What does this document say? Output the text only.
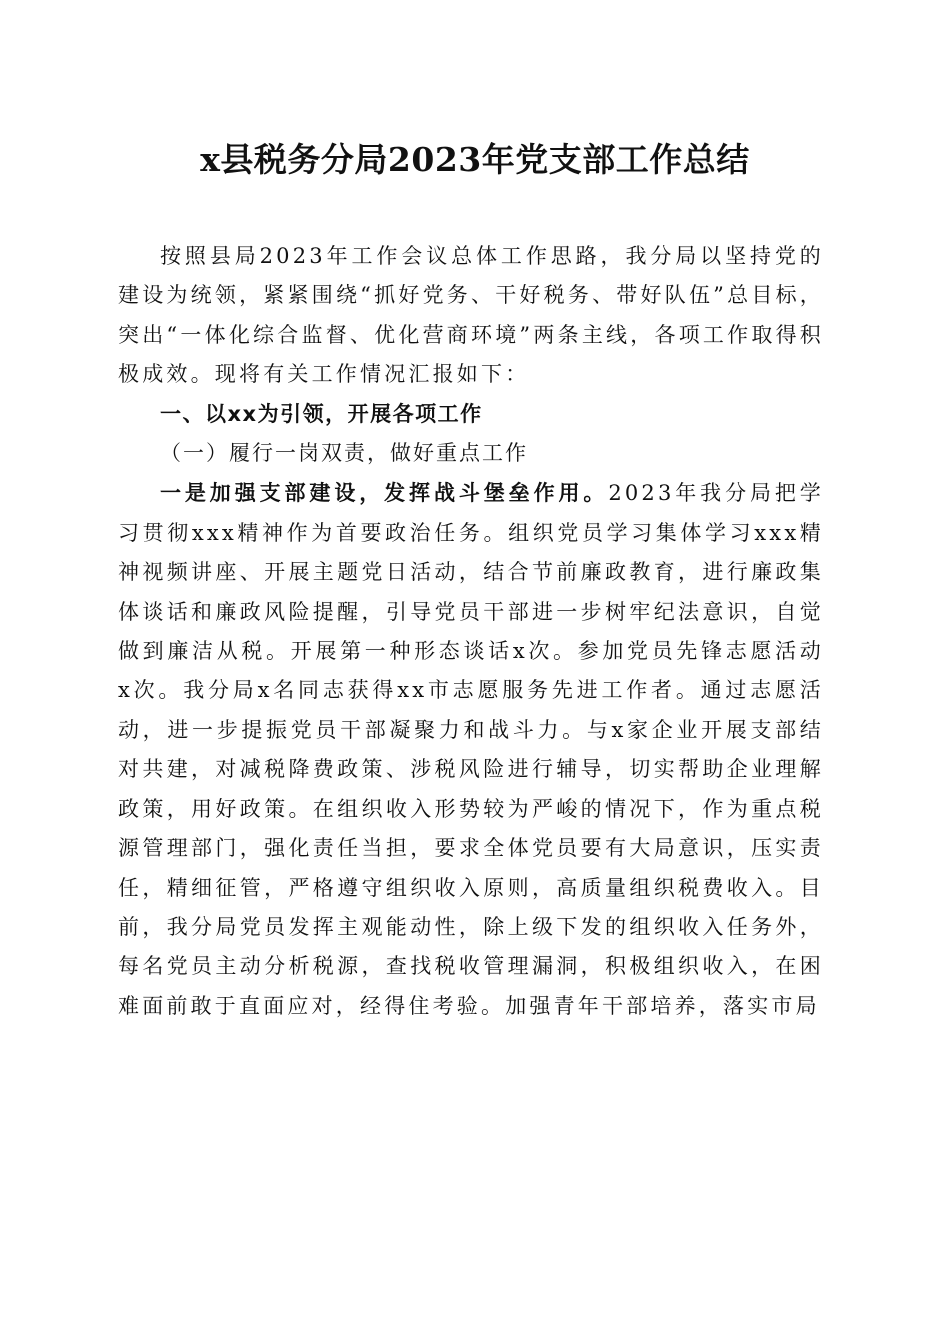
x县税务分局2023年党支部工作总结

按照县局2023年工作会议总体工作思路，我分局以坚持党的建设为统领，紧紧围绕“抓好党务、干好税务、带好队伍”总目标，突出“一体化综合监督、优化营商环境”两条主线，各项工作取得积极成效。现将有关工作情况汇报如下：

一、以xx为引领，开展各项工作

（一）履行一岗双责，做好重点工作

一是加强支部建设，发挥战斗堡垒作用。2023年我分局把学习贯彻xxx精神作为首要政治任务。组织党员学习集体学习xxx精神视频讲座、开展主题党日活动，结合节前廉政教育，进行廉政集体谈话和廉政风险提醒，引导党员干部进一步树牢纪法意识，自觉做到廉洁从税。开展第一种形态谈话x次。参加党员先锋志愿活动x次。我分局x名同志获得xx市志愿服务先进工作者。通过志愿活动，进一步提振党员干部凝聚力和战斗力。与x家企业开展支部结对共建，对减税降费政策、涉税风险进行辅导，切实帮助企业理解政策，用好政策。在组织收入形势较为严峻的情况下，作为重点税源管理部门，强化责任当担，要求全体党员要有大局意识，压实责任，精细征管，严格遵守组织收入原则，高质量组织税费收入。目前，我分局党员发挥主观能动性，除上级下发的组织收入任务外，每名党员主动分析税源，查找税收管理漏洞，积极组织收入，在困难面前敢于直面应对，经得住考验。加强青年干部培养，落实市局
